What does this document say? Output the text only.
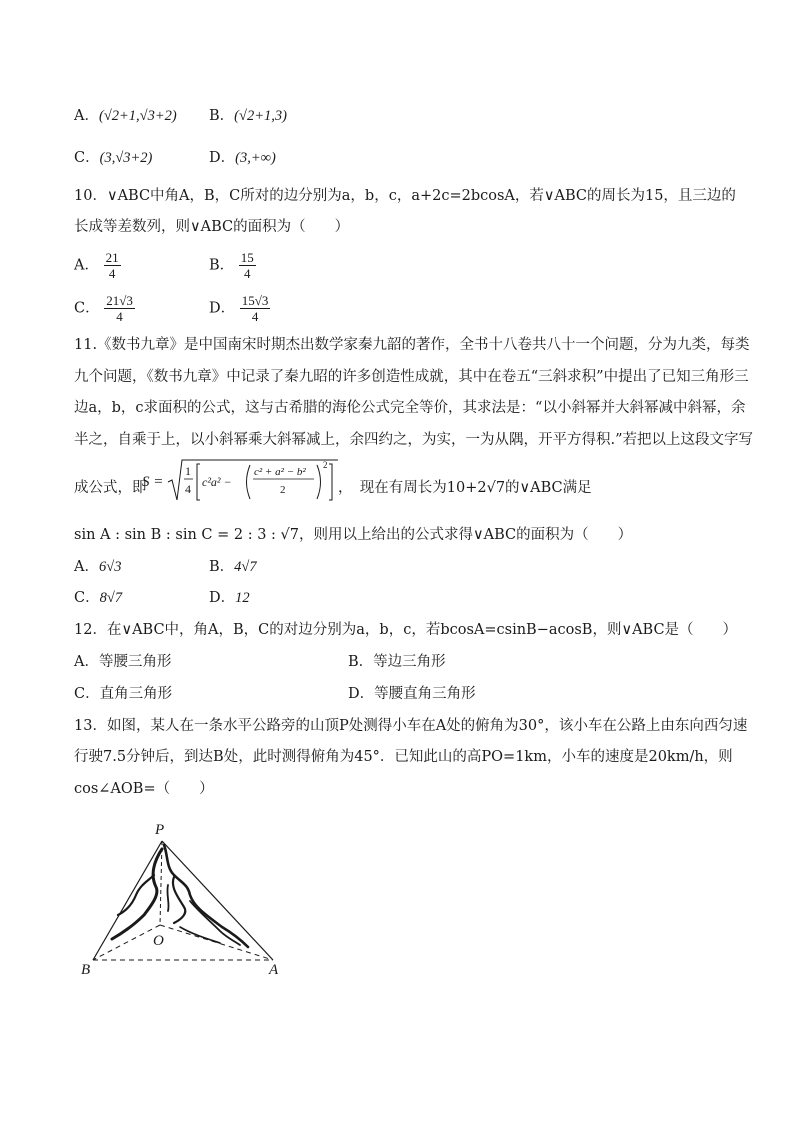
A．(√2+1,√3+2) B．(√2+1,3)
C．(3,√3+2)	D．(3,+∞)
10．∨ABC中角A，B，C所对的边分别为a，b，c，a+2c=2bcosA，若∨ABC的周长为15，且三边的
长成等差数列，则∨ABC的面积为（　　）
A． $\frac{21}{4}$	B． $\frac{15}{4}$
C． $\frac{21√3}{4}$	D． $\frac{15√3}{4}$
11.《数书九章》是中国南宋时期杰出数学家秦九韶的著作，全书十八卷共八十一个问题，分为九类，每类
九个问题，《数书九章》中记录了秦九昭的许多创造性成就，其中在卷五“三斜求积”中提出了已知三角形三
边a，b，c求面积的公式，这与古希腊的海伦公式完全等价，其求法是：“以小斜幂并大斜幂减中斜幂，余
半之，自乘于上，以小斜幂乘大斜幂减上，余四约之，为实，一为从隅，开平方得积.”若把以上这段文字写
成公式，即
S =
1
4 c²a² −
c² + a² − b²
2
2
，　现在有周长为10+2√7的∨ABC满足
sin A : sin B : sin C = 2 : 3 : √7，则用以上给出的公式求得∨ABC的面积为（　　）
A．6√3	B．4√7
C．8√7	D．12
12．在∨ABC中，角A，B，C的对边分别为a，b，c，若bcosA=csinB−acosB，则∨ABC是（　　）
A．等腰三角形	B．等边三角形
C．直角三角形	D．等腰直角三角形
13．如图，某人在一条水平公路旁的山顶P处测得小车在A处的俯角为30°，该小车在公路上由东向西匀速
行驶7.5分钟后，到达B处，此时测得俯角为45°．已知此山的高PO=1km，小车的速度是20km/h，则
cos∠AOB=（　　）
P
O
B	A
